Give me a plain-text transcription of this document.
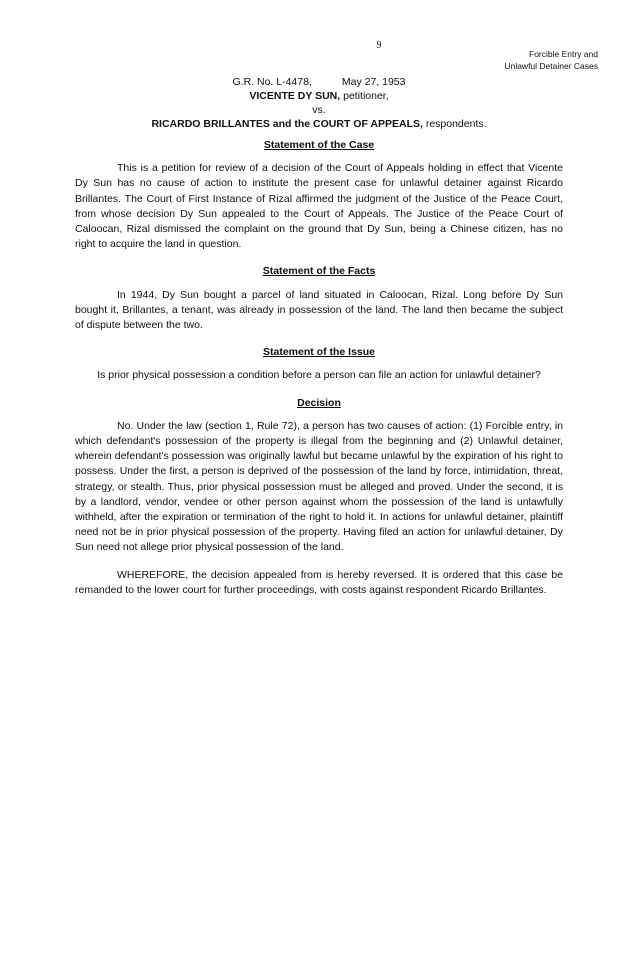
9
Forcible Entry and
Unlawful Detainer Cases
G.R. No. L-4478,	May 27, 1953
VICENTE DY SUN, petitioner,
vs.
RICARDO BRILLANTES and the COURT OF APPEALS, respondents.
Statement of the Case

This is a petition for review of a decision of the Court of Appeals holding in effect that Vicente Dy Sun has no cause of action to institute the present case for unlawful detainer against Ricardo Brillantes. The Court of First Instance of Rizal affirmed the judgment of the Justice of the Peace Court, from whose decision Dy Sun appealed to the Court of Appeals. The Justice of the Peace Court of Caloocan, Rizal dismissed the complaint on the ground that Dy Sun, being a Chinese citizen, has no right to acquire the land in question.

Statement of the Facts

In 1944, Dy Sun bought a parcel of land situated in Caloocan, Rizal. Long before Dy Sun bought it, Brillantes, a tenant, was already in possession of the land. The land then became the subject of dispute between the two.

Statement of the Issue

Is prior physical possession a condition before a person can file an action for unlawful detainer?

Decision

No. Under the law (section 1, Rule 72), a person has two causes of action: (1) Forcible entry, in which defendant's possession of the property is illegal from the beginning and (2) Unlawful detainer, wherein defendant's possession was originally lawful but became unlawful by the expiration of his right to possess. Under the first, a person is deprived of the possession of the land by force, intimidation, threat, strategy, or stealth. Thus, prior physical possession must be alleged and proved. Under the second, it is by a landlord, vendor, vendee or other person against whom the possession of the land is unlawfully withheld, after the expiration or termination of the right to hold it. In actions for unlawful detainer, plaintiff need not be in prior physical possession of the property. Having filed an action for unlawful detainer, Dy Sun need not allege prior physical possession of the land.

WHEREFORE, the decision appealed from is hereby reversed. It is ordered that this case be remanded to the lower court for further proceedings, with costs against respondent Ricardo Brillantes.
